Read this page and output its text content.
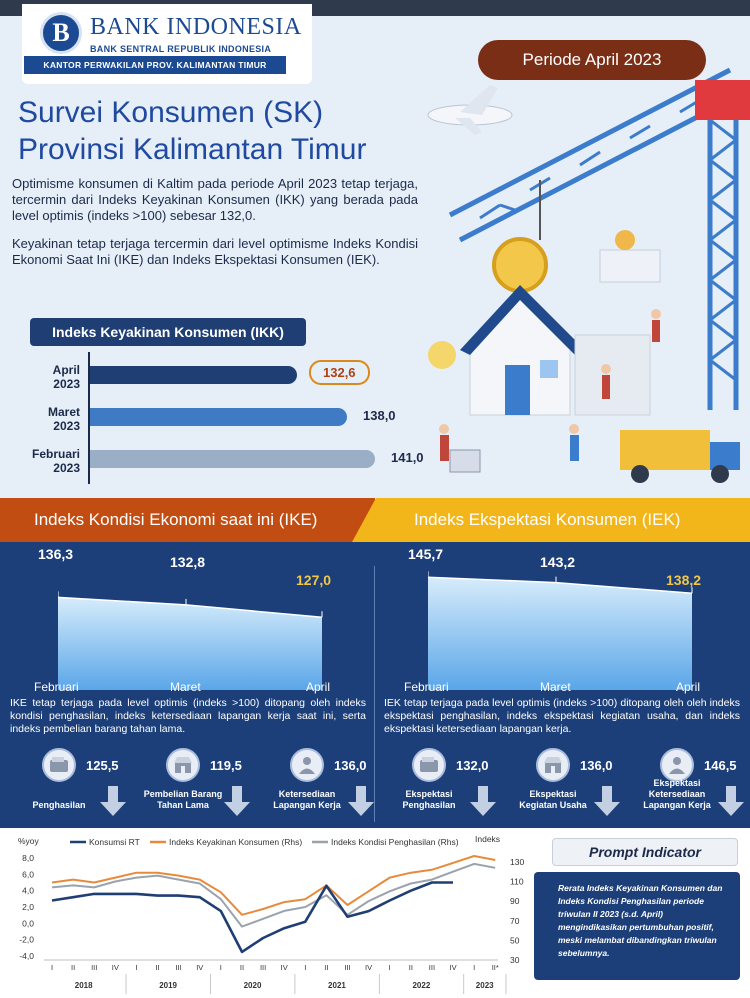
B BANK INDONESIA
BANK SENTRAL REPUBLIK INDONESIA
KANTOR PERWAKILAN PROV. KALIMANTAN TIMUR	Periode April 2023
Survei Konsumen (SK)
Provinsi Kalimantan Timur

Optimisme konsumen di Kaltim pada periode April 2023 tetap terjaga, tercermin dari Indeks Keyakinan Konsumen (IKK) yang berada pada level optimis (indeks >100) sebesar 132,0.

Keyakinan tetap terjaga tercermin dari level optimisme Indeks Kondisi Ekonomi Saat Ini (IKE) dan Indeks Ekspektasi Konsumen (IEK).

Indeks Keyakinan Konsumen (IKK)
April
2023
132,6
Maret
2023
138,0
Februari
2023
141,0
Indeks Kondisi Ekonomi saat ini (IKE)	Indeks Ekspektasi Konsumen (IEK)
136,3	132,8
127,0
Februari	Maret	April
145,7	143,2
138,2
Februari	Maret	April

IKE tetap terjaga pada level optimis (indeks >100) ditopang oleh indeks kondisi penghasilan, indeks ketersediaan lapangan kerja saat ini, serta indeks pembelian barang tahan lama.

IEK tetap terjaga pada level optimis (indeks >100) ditopang oleh oleh indeks ekspektasi penghasilan, indeks ekspektasi kegiatan usaha, dan indeks ekspektasi ketersediaan lapangan kerja.

125,5
Penghasilan
119,5
Pembelian Barang
Tahan Lama
136,0
Ketersediaan
Lapangan Kerja
132,0
Ekspektasi
Penghasilan
136,0
Ekspektasi
Kegiatan Usaha
146,5
Ekspektasi
Ketersediaan
Lapangan Kerja
%yoy	Indeks
8,0
6,0
4,0
2,0
0,0
-2,0
-4,0
130
110
90
70
50
30
I II III IV I II III IV I II III IV I II III IV I II III IV I II*
2018	2019	2020	2021	2022	2023
Konsumsi RT	Indeks Keyakinan Konsumen (Rhs)	Indeks Kondisi Penghasilan (Rhs)
Prompt Indicator
Rerata Indeks Keyakinan Konsumen dan Indeks Kondisi Penghasilan periode triwulan II 2023 (s.d. April) mengindikasikan pertumbuhan positif, meski melambat dibandingkan triwulan sebelumnya.
